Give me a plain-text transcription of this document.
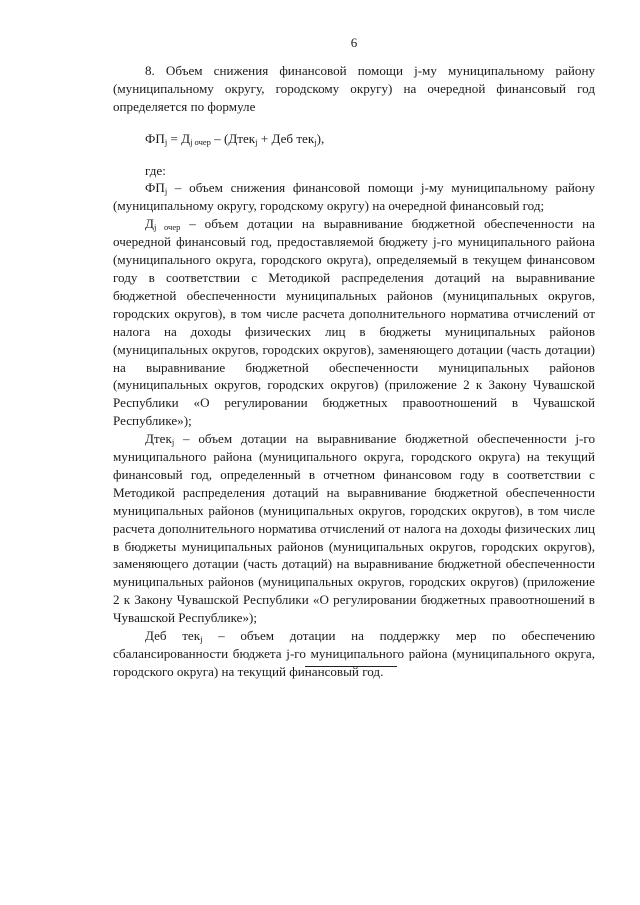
6

8. Объем снижения финансовой помощи j-му муниципальному району (муниципальному округу, городскому округу) на очередной финансовый год определяется по формуле

$ФП_j = Д_{j очер}$ – (Дтек$_j$ + Деб тек$_j$),
где:

$ФП_j$ – объем снижения финансовой помощи j-му муниципальному району (муниципальному округу, городскому округу) на очередной финансовый год;

$Д_{j очер}$ – объем дотации на выравнивание бюджетной обеспеченности на очередной финансовый год, предоставляемой бюджету j-го муниципального района (муниципального округа, городского округа), определяемый в текущем финансовом году в соответствии с Методикой распределения дотаций на выравнивание бюджетной обеспеченности муниципальных районов (муниципальных округов, городских округов), в том числе расчета дополнительного норматива отчислений от налога на доходы физических лиц в бюджеты муниципальных районов (муниципальных округов, городских округов), заменяющего дотации (часть дотации) на выравнивание бюджетной обеспеченности муниципальных районов (муниципальных округов, городских округов) (приложение 2 к Закону Чувашской Республики «О регулировании бюджетных правоотношений в Чувашской Республике»);

Дтек$_j$ – объем дотации на выравнивание бюджетной обеспеченности j-го муниципального района (муниципального округа, городского округа) на текущий финансовый год, определенный в отчетном финансовом году в соответствии с Методикой распределения дотаций на выравнивание бюджетной обеспеченности муниципальных районов (муниципальных округов, городских округов), в том числе расчета дополнительного норматива отчислений от налога на доходы физических лиц в бюджеты муниципальных районов (муниципальных округов, городских округов), заменяющего дотации (часть дотаций) на выравнивание бюджетной обеспеченности муниципальных районов (муниципальных округов, городских округов) (приложение 2 к Закону Чувашской Республики «О регулировании бюджетных правоотношений в Чувашской Республике»);

Деб тек$_j$ – объем дотации на поддержку мер по обеспечению сбалансированности бюджета j-го муниципального района (муниципального округа, городского округа) на текущий финансовый год.
